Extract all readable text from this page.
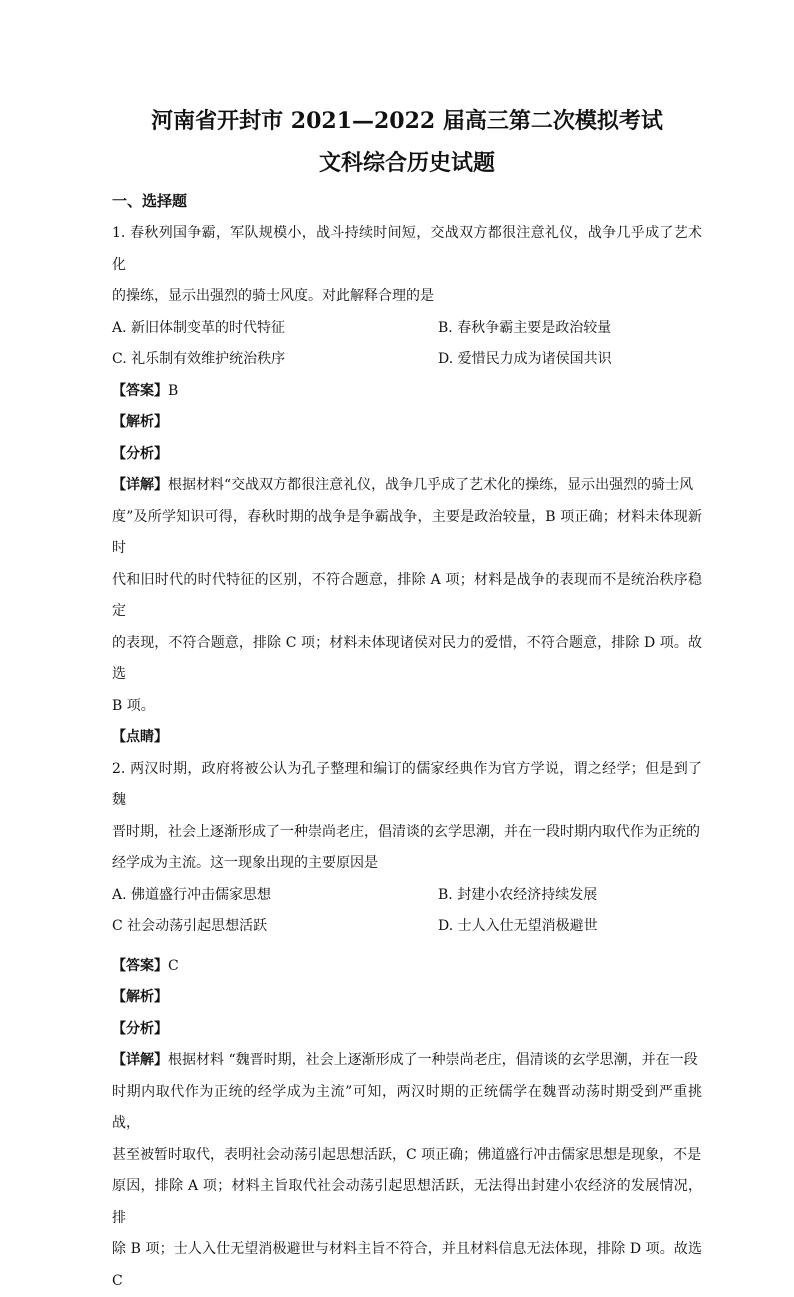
河南省开封市 2021—2022 届高三第二次模拟考试
文科综合历史试题
一、选择题

1. 春秋列国争霸，军队规模小，战斗持续时间短，交战双方都很注意礼仪，战争几乎成了艺术化

的操练，显示出强烈的骑士风度。对此解释合理的是

A. 新旧体制变革的时代特征	B. 春秋争霸主要是政治较量
C. 礼乐制有效维护统治秩序	D. 爱惜民力成为诸侯国共识
【答案】B
【解析】
【分析】

【详解】根据材料“交战双方都很注意礼仪，战争几乎成了艺术化的操练，显示出强烈的骑士风

度”及所学知识可得，春秋时期的战争是争霸战争，主要是政治较量，B 项正确；材料未体现新时

代和旧时代的时代特征的区别，不符合题意，排除 A 项；材料是战争的表现而不是统治秩序稳定

的表现，不符合题意，排除 C 项；材料未体现诸侯对民力的爱惜，不符合题意，排除 D 项。故选

B 项。

【点睛】

2. 两汉时期，政府将被公认为孔子整理和编订的儒家经典作为官方学说，谓之经学；但是到了魏

晋时期，社会上逐渐形成了一种崇尚老庄，倡清谈的玄学思潮，并在一段时期内取代作为正统的

经学成为主流。这一现象出现的主要原因是

A. 佛道盛行冲击儒家思想	B. 封建小农经济持续发展
C 社会动荡引起思想活跃	D. 士人入仕无望消极避世
【答案】C
【解析】
【分析】

【详解】根据材料 “魏晋时期，社会上逐渐形成了一种崇尚老庄，倡清谈的玄学思潮，并在一段

时期内取代作为正统的经学成为主流”可知，两汉时期的正统儒学在魏晋动荡时期受到严重挑战，

甚至被暂时取代，表明社会动荡引起思想活跃，C 项正确；佛道盛行冲击儒家思想是现象，不是

原因，排除 A 项；材料主旨取代社会动荡引起思想活跃，无法得出封建小农经济的发展情况，排

除 B 项；士人入仕无望消极避世与材料主旨不符合，并且材料信息无法体现，排除 D 项。故选 C
